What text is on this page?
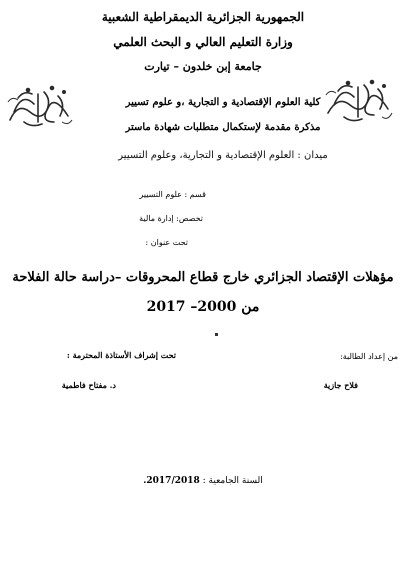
الجمهورية الجزائرية الديمقراطية الشعبية
وزارة التعليم العالي و البحث العلمي
جامعة إبن خلدون – تيارت
كلية العلوم الإقتصادية و التجارية ،و علوم تسيير
مذكرة مقدمة لإستكمال متطلبات شهادة ماستر
ميدان : العلوم الإقتصادية و التجارية، وعلوم التسيير
قسم : علوم التسيير
تخصص: إدارة مالية
تحت عنوان :
مؤهلات الإقتصاد الجزائري خارج قطاع المحروقات –دراسة حالة الفلاحة
من 2000– 2017
من إعداد الطالبة:
تحت إشراف الأستاذة المحترمة :
فلاح جازية
د. مفتاح فاطمية
السنة الجامعية : 2017/2018.
